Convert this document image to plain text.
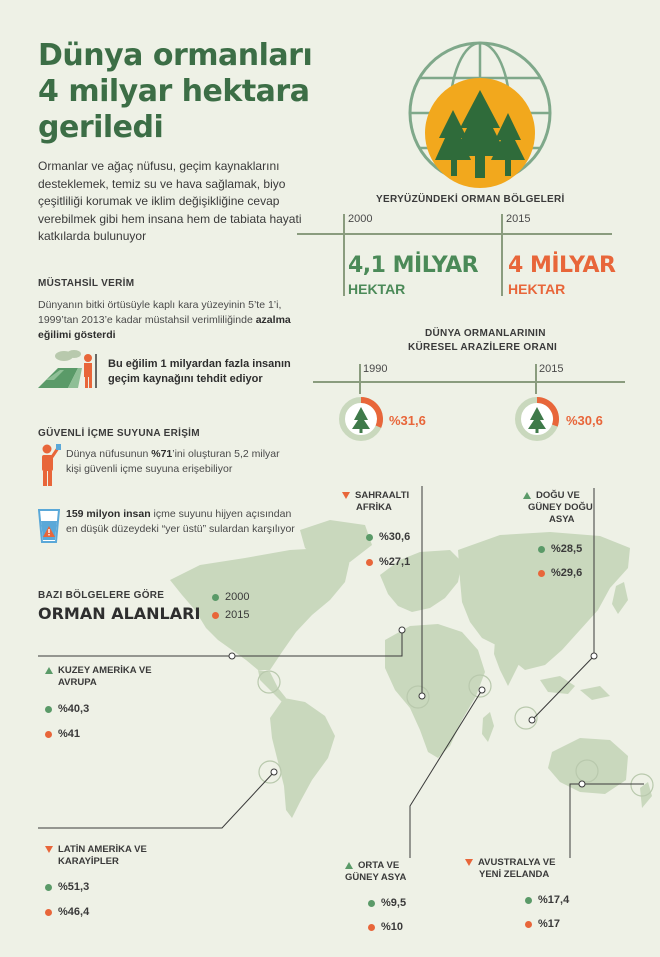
Dünya ormanları
4 milyar hektara
geriledi
Ormanlar ve ağaç nüfusu, geçim kaynaklarını desteklemek, temiz su ve hava sağlamak, biyo çeşitliliği korumak ve iklim değişikliğine cevap verebilmek gibi hem insana hem de tabiata hayati katkılarda bulunuyor
YERYÜZÜNDEKİ ORMAN BÖLGELERİ
2000	2015
4,1 MİLYAR
HEKTAR
4 MİLYAR
HEKTAR
MÜSTAHSİL VERİM
Dünyanın bitki örtüsüyle kaplı kara yüzeyinin 5’te 1’i, 1999’tan 2013’e kadar müstahsil verimliliğinde azalma eğilimi gösterdi
Bu eğilim 1 milyardan fazla insanın geçim kaynağını tehdit ediyor
DÜNYA ORMANLARININ
KÜRESEL ARAZİLERE ORANI
1990	2015
%31,6	%30,6
GÜVENLİ İÇME SUYUNA ERİŞİM
Dünya nüfusunun %71’ini oluşturan 5,2 milyar kişi güvenli içme suyuna erişebiliyor
159 milyon insan içme suyunu hijyen açısından en düşük düzeydeki “yer üstü” sulardan karşılıyor
BAZI BÖLGELERE GÖRE
ORMAN ALANLARI
2000
2015
SAHRAALTI
AFRİKA
%30,6
%27,1
DOĞU VE
GÜNEY DOĞU
ASYA
%28,5
%29,6
KUZEY AMERİKA VE
AVRUPA
%40,3
%41
LATİN AMERİKA VE
KARAYİPLER
%51,3
%46,4
ORTA VE
GÜNEY ASYA
%9,5
%10
AVUSTRALYA VE
YENİ ZELANDA
%17,4
%17
